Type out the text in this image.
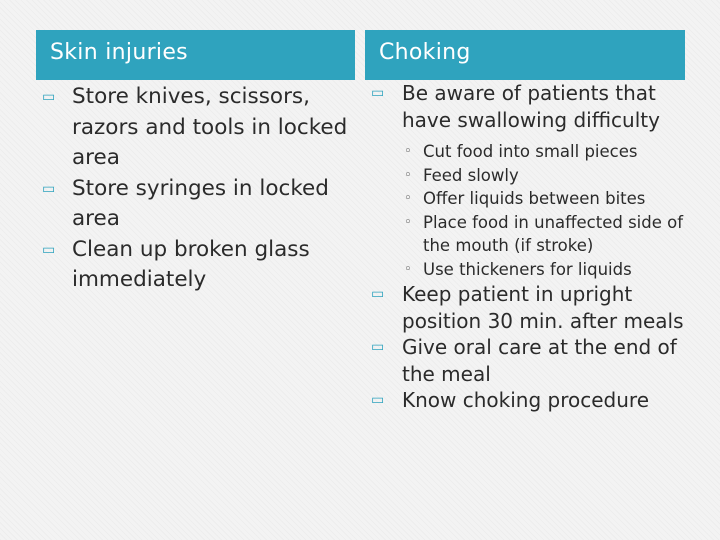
Skin injuries
▭ Store knives, scissors, razors and tools in locked area
▭ Store syringes in locked area
▭ Clean up broken glass immediately
Choking
▭ Be aware of patients that have swallowing difficulty
◦ Cut food into small pieces
◦ Feed slowly
◦ Offer liquids between bites
◦ Place food in unaffected side of the mouth (if stroke)
◦ Use thickeners for liquids
▭ Keep patient in upright position 30 min. after meals
▭ Give oral care at the end of the meal
▭ Know choking procedure
